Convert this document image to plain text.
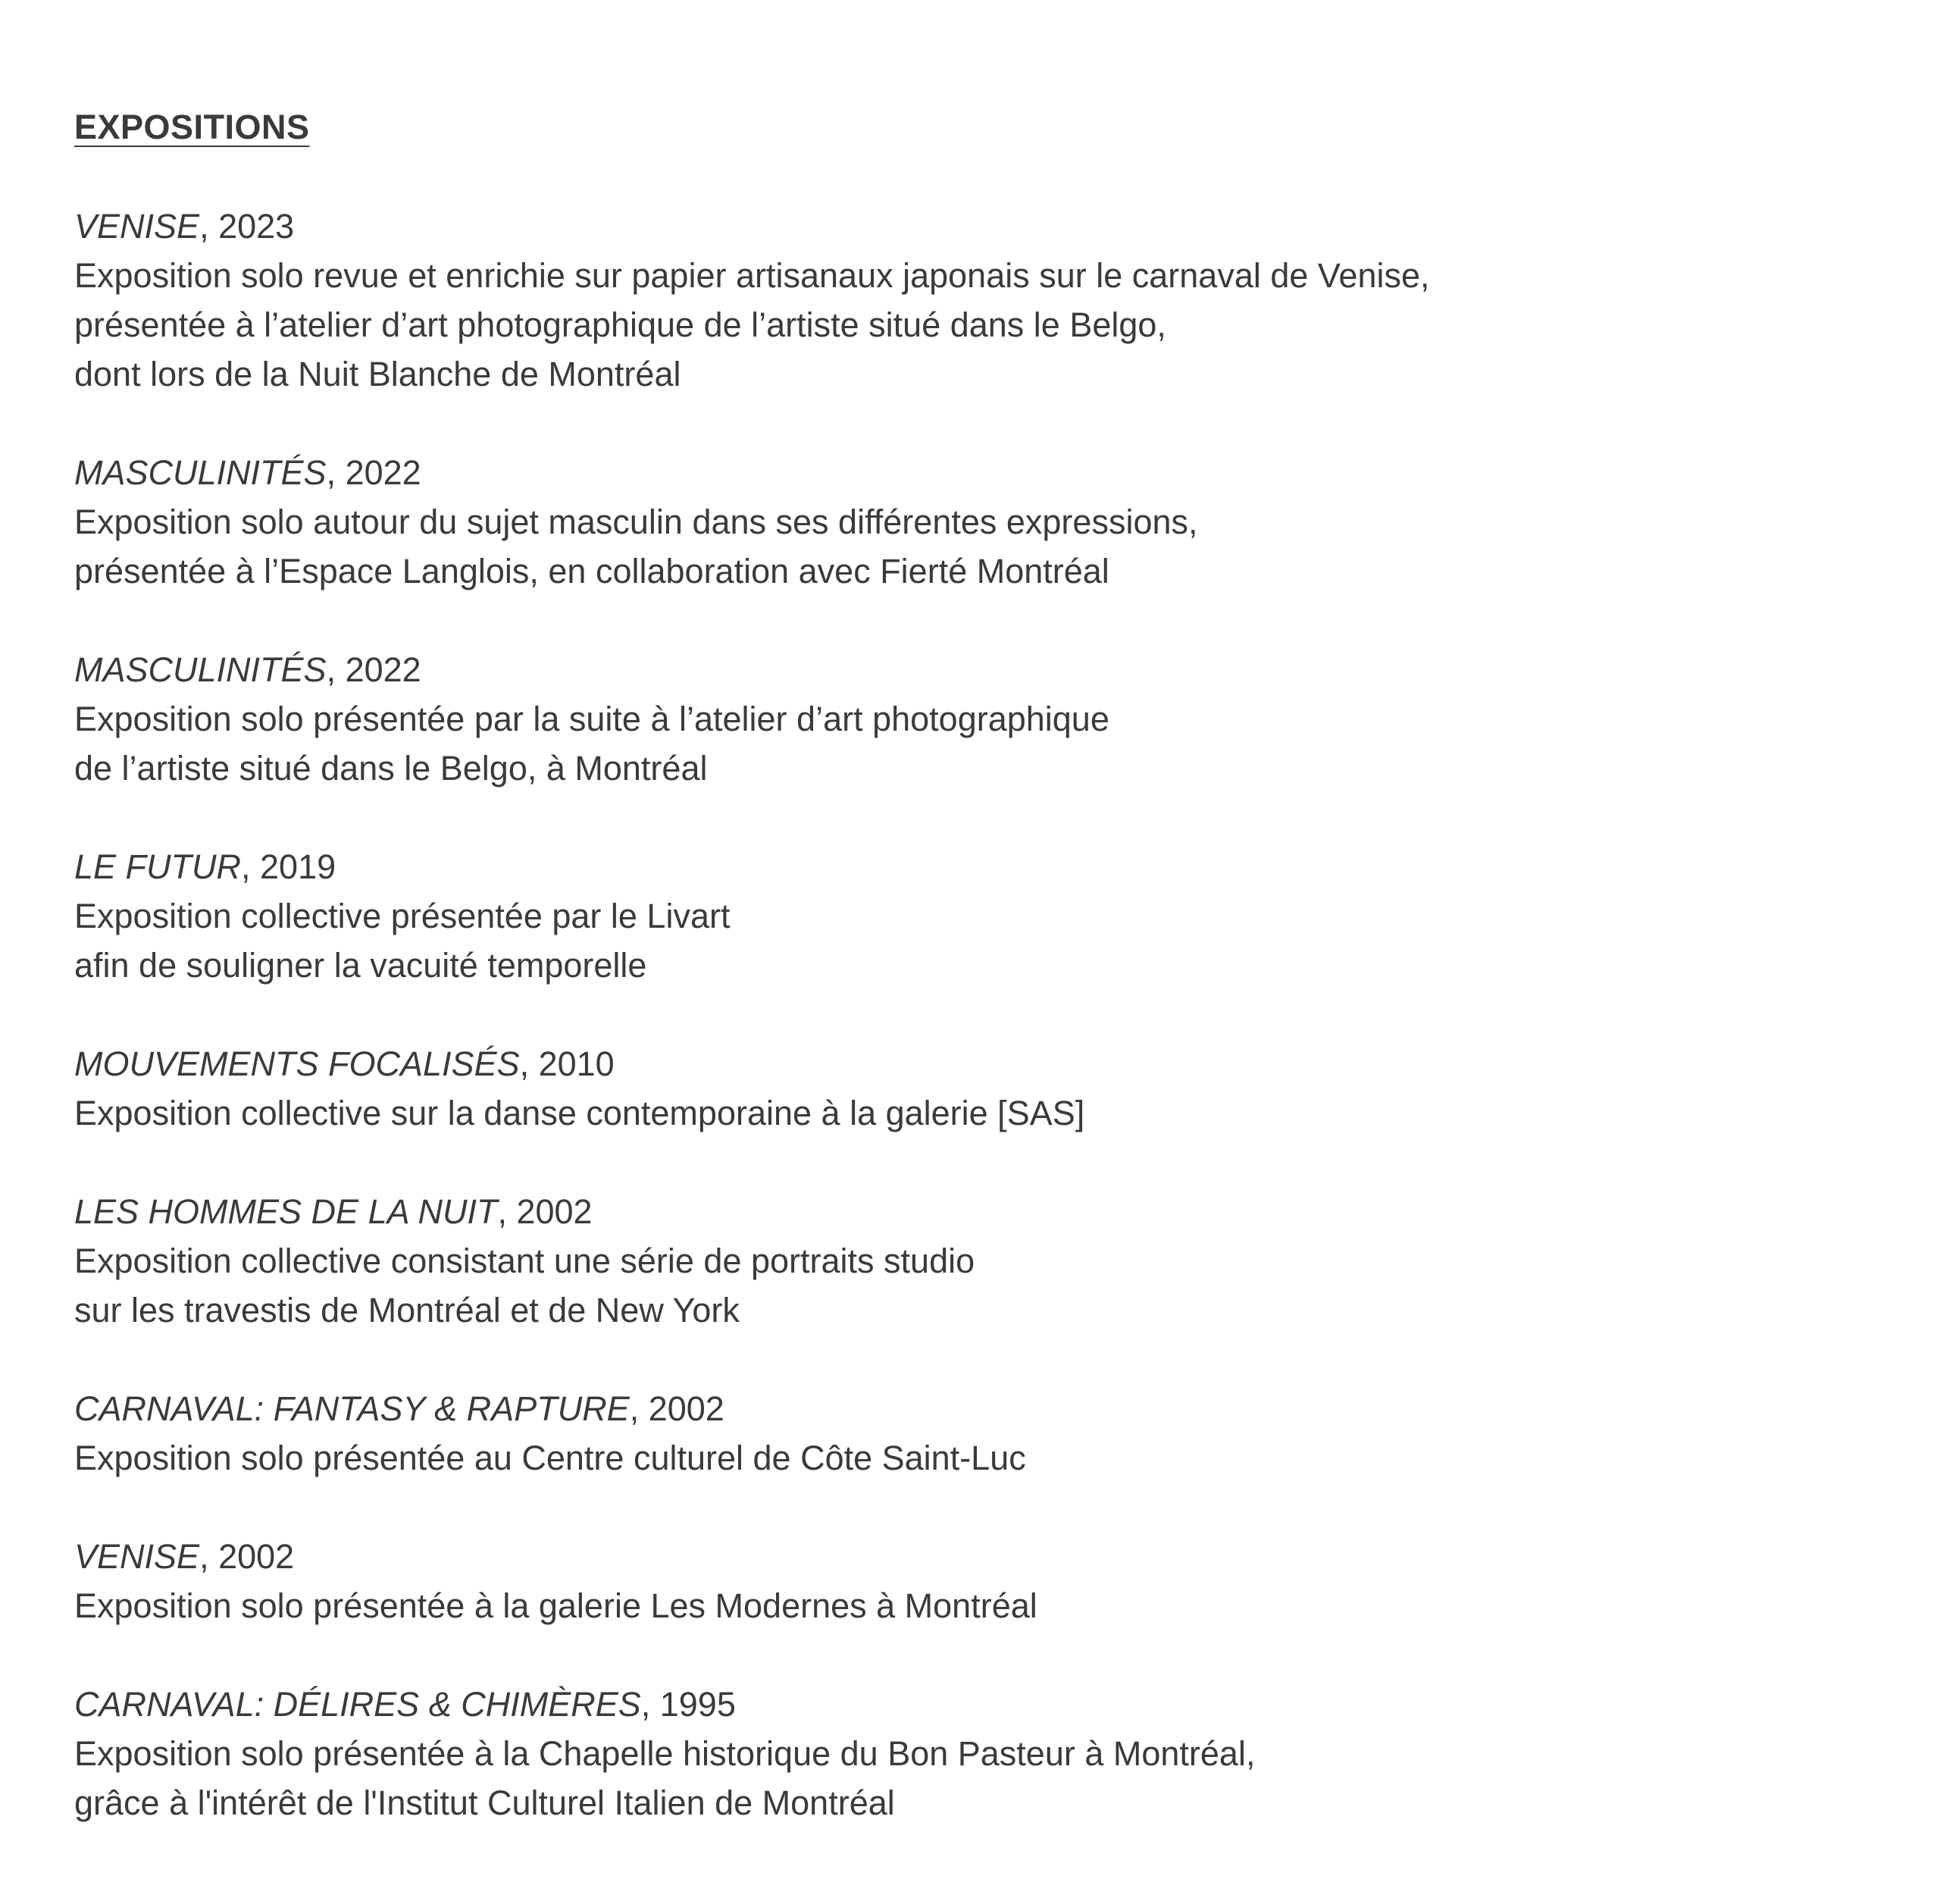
EXPOSITIONS
VENISE, 2023
Exposition solo revue et enrichie sur papier artisanaux japonais sur le carnaval de Venise,
présentée à l’atelier d’art photographique de l’artiste situé dans le Belgo,
dont lors de la Nuit Blanche de Montréal
MASCULINITÉS, 2022
Exposition solo autour du sujet masculin dans ses différentes expressions,
présentée à l’Espace Langlois, en collaboration avec Fierté Montréal
MASCULINITÉS, 2022
Exposition solo présentée par la suite à l’atelier d’art photographique
de l’artiste situé dans le Belgo, à Montréal
LE FUTUR, 2019
Exposition collective présentée par le Livart
afin de souligner la vacuité temporelle
MOUVEMENTS FOCALISÉS, 2010
Exposition collective sur la danse contemporaine à la galerie [SAS]
LES HOMMES DE LA NUIT, 2002
Exposition collective consistant une série de portraits studio
sur les travestis de Montréal et de New York
CARNAVAL: FANTASY & RAPTURE, 2002
Exposition solo présentée au Centre culturel de Côte Saint-Luc
VENISE, 2002
Exposition solo présentée à la galerie Les Modernes à Montréal
CARNAVAL: DÉLIRES & CHIMÈRES, 1995
Exposition solo présentée à la Chapelle historique du Bon Pasteur à Montréal,
grâce à l'intérêt de l'Institut Culturel Italien de Montréal
